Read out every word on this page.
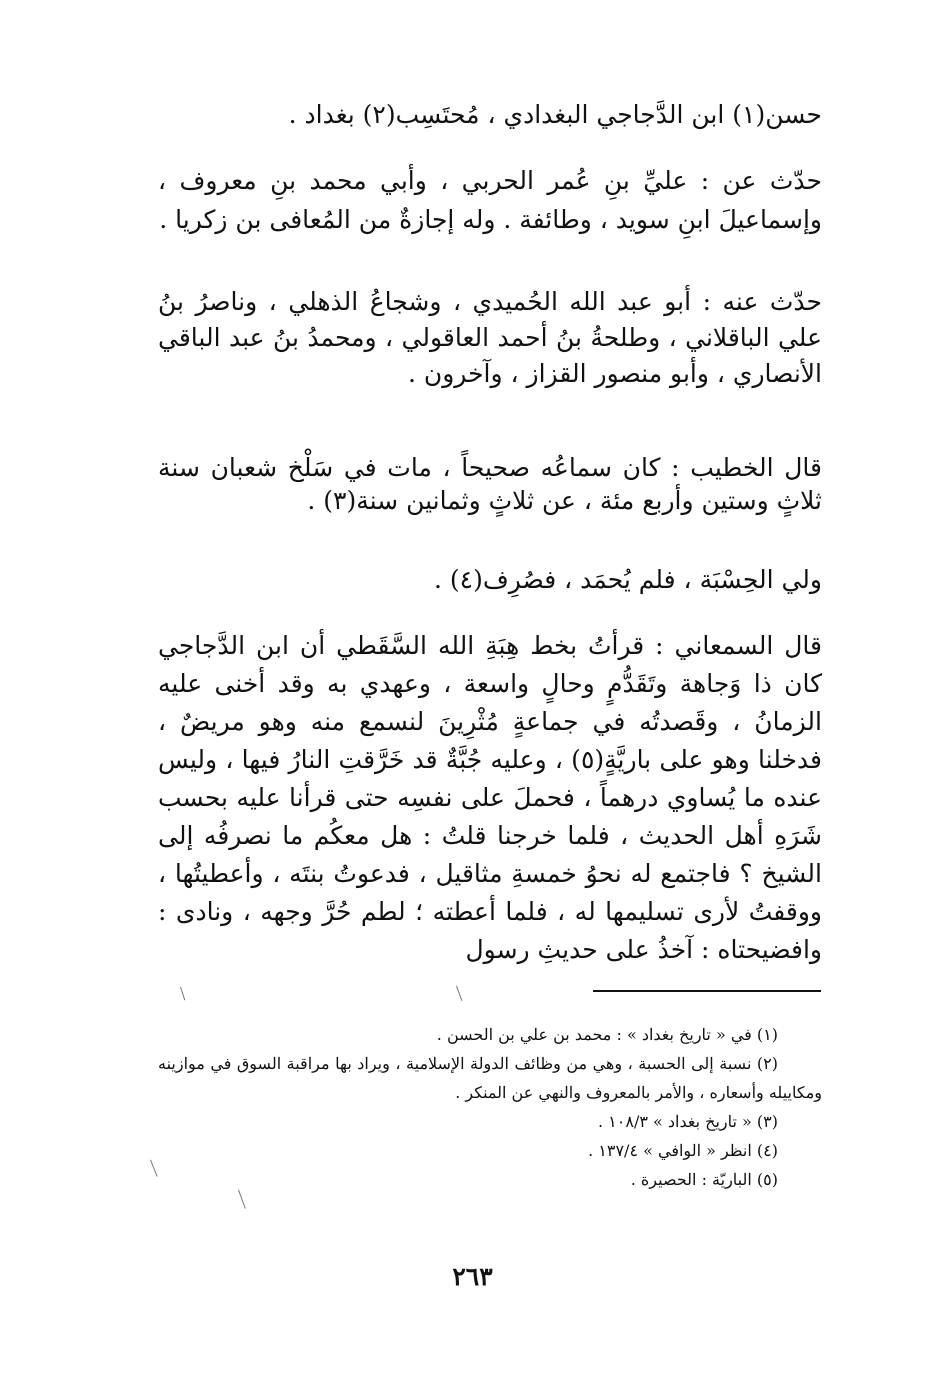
حسن(١) ابن الدَّجاجي البغدادي ، مُحتَسِب(٢) بغداد .

حدّث عن : عليِّ بنِ عُمر الحربي ، وأبي محمد بنِ معروف ، وإسماعيلَ ابنِ سويد ، وطائفة . وله إجازةٌ من المُعافى بن زكريا .

حدّث عنه : أبو عبد الله الحُميدي ، وشجاعُ الذهلي ، وناصرُ بنُ علي الباقلاني ، وطلحةُ بنُ أحمد العاقولي ، ومحمدُ بنُ عبد الباقي الأنصاري ، وأبو منصور القزاز ، وآخرون .

قال الخطيب : كان سماعُه صحيحاً ، مات في سَلْخ شعبان سنة ثلاثٍ وستين وأربع مئة ، عن ثلاثٍ وثمانين سنة(٣) .

ولي الحِسْبَة ، فلم يُحمَد ، فصُرِف(٤) .

قال السمعاني : قرأتُ بخط هِبَةِ الله السَّقَطي أن ابن الدَّجاجي كان ذا وَجاهة وتَقَدُّمٍ وحالٍ واسعة ، وعهدي به وقد أخنى عليه الزمانُ ، وقَصدتُه في جماعةٍ مُثْرِينَ لنسمع منه وهو مريضٌ ، فدخلنا وهو على باريَّةٍ(٥) ، وعليه جُبَّةٌ قد خَرَّقتِ النارُ فيها ، وليس عنده ما يُساوي درهماً ، فحملَ على نفسِه حتى قرأنا عليه بحسب شَرَهِ أهل الحديث ، فلما خرجنا قلتُ : هل معكُم ما نصرفُه إلى الشيخ ؟ فاجتمع له نحوُ خمسةِ مثاقيل ، فدعوتُ بنتَه ، وأعطيتُها ، ووقفتُ لأرى تسليمها له ، فلما أعطته ؛ لطم حُرَّ وجهه ، ونادى : وافضيحتاه : آخذُ على حديثِ رسول

(١) في « تاريخ بغداد » : محمد بن علي بن الحسن .
(٢) نسبة إلى الحسبة ، وهي من وظائف الدولة الإسلامية ، ويراد بها مراقبة السوق في موازينه ومكاييله وأسعاره ، والأمر بالمعروف والنهي عن المنكر .
(٣) « تاريخ بغداد » ١٠٨/٣ .
(٤) انظر « الوافي » ١٣٧/٤ .
(٥) الباريّة : الحصيرة .
٢٦٣
